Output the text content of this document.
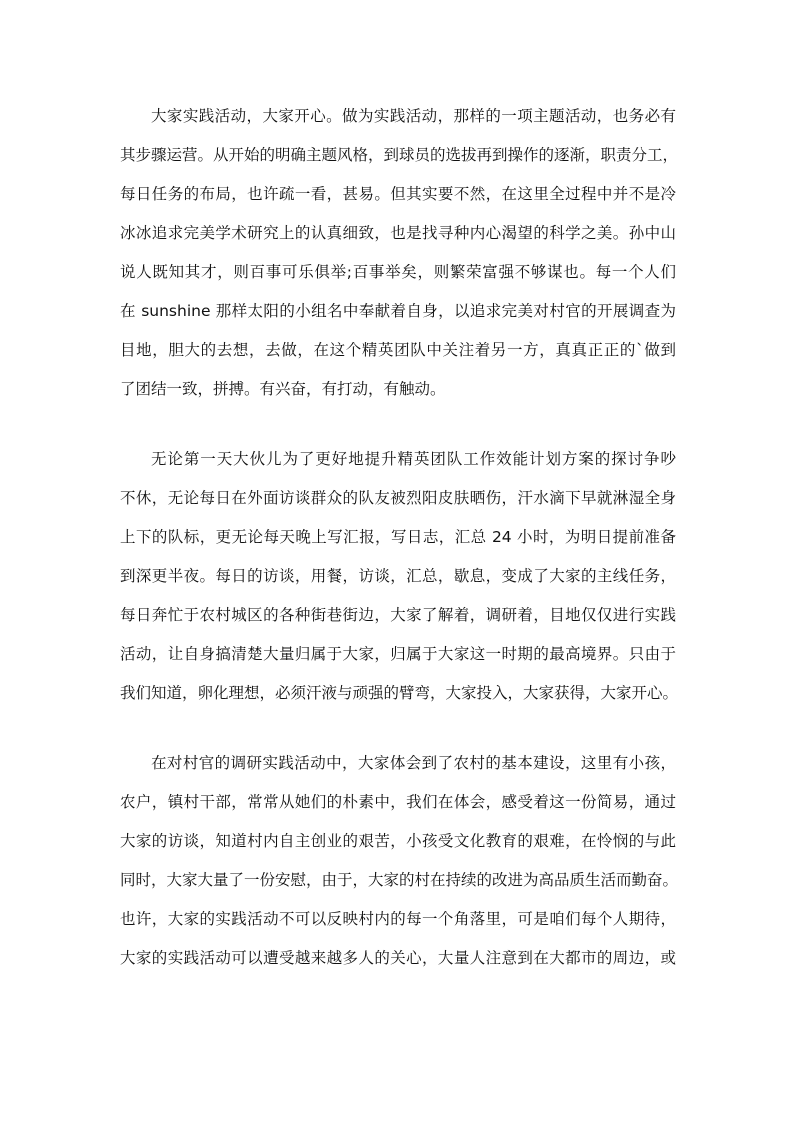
大家实践活动，大家开心。做为实践活动，那样的一项主题活动，也务必有
其步骤运营。从开始的明确主题风格，到球员的选拔再到操作的逐渐，职责分工，
每日任务的布局，也许疏一看，甚易。但其实要不然，在这里全过程中并不是冷
冰冰追求完美学术研究上的认真细致，也是找寻种内心渴望的科学之美。孙中山
说人既知其才，则百事可乐俱举;百事举矣，则繁荣富强不够谋也。每一个人们
在 sunshine 那样太阳的小组名中奉献着自身，以追求完美对村官的开展调查为
目地，胆大的去想，去做，在这个精英团队中关注着另一方，真真正正的`做到
了团结一致，拼搏。有兴奋，有打动，有触动。
无论第一天大伙儿为了更好地提升精英团队工作效能计划方案的探讨争吵
不休，无论每日在外面访谈群众的队友被烈阳皮肤晒伤，汗水滴下早就淋湿全身
上下的队标，更无论每天晚上写汇报，写日志，汇总 24 小时，为明日提前准备
到深更半夜。每日的访谈，用餐，访谈，汇总，歇息，变成了大家的主线任务，
每日奔忙于农村城区的各种街巷街边，大家了解着，调研着，目地仅仅进行实践
活动，让自身搞清楚大量归属于大家，归属于大家这一时期的最高境界。只由于
我们知道，卵化理想，必须汗液与顽强的臂弯，大家投入，大家获得，大家开心。
在对村官的调研实践活动中，大家体会到了农村的基本建设，这里有小孩，
农户，镇村干部，常常从她们的朴素中，我们在体会，感受着这一份简易，通过
大家的访谈，知道村内自主创业的艰苦，小孩受文化教育的艰难，在怜悯的与此
同时，大家大量了一份安慰，由于，大家的村在持续的改进为高品质生活而勤奋。
也许，大家的实践活动不可以反映村内的每一个角落里，可是咱们每个人期待，
大家的实践活动可以遭受越来越多人的关心，大量人注意到在大都市的周边，或
